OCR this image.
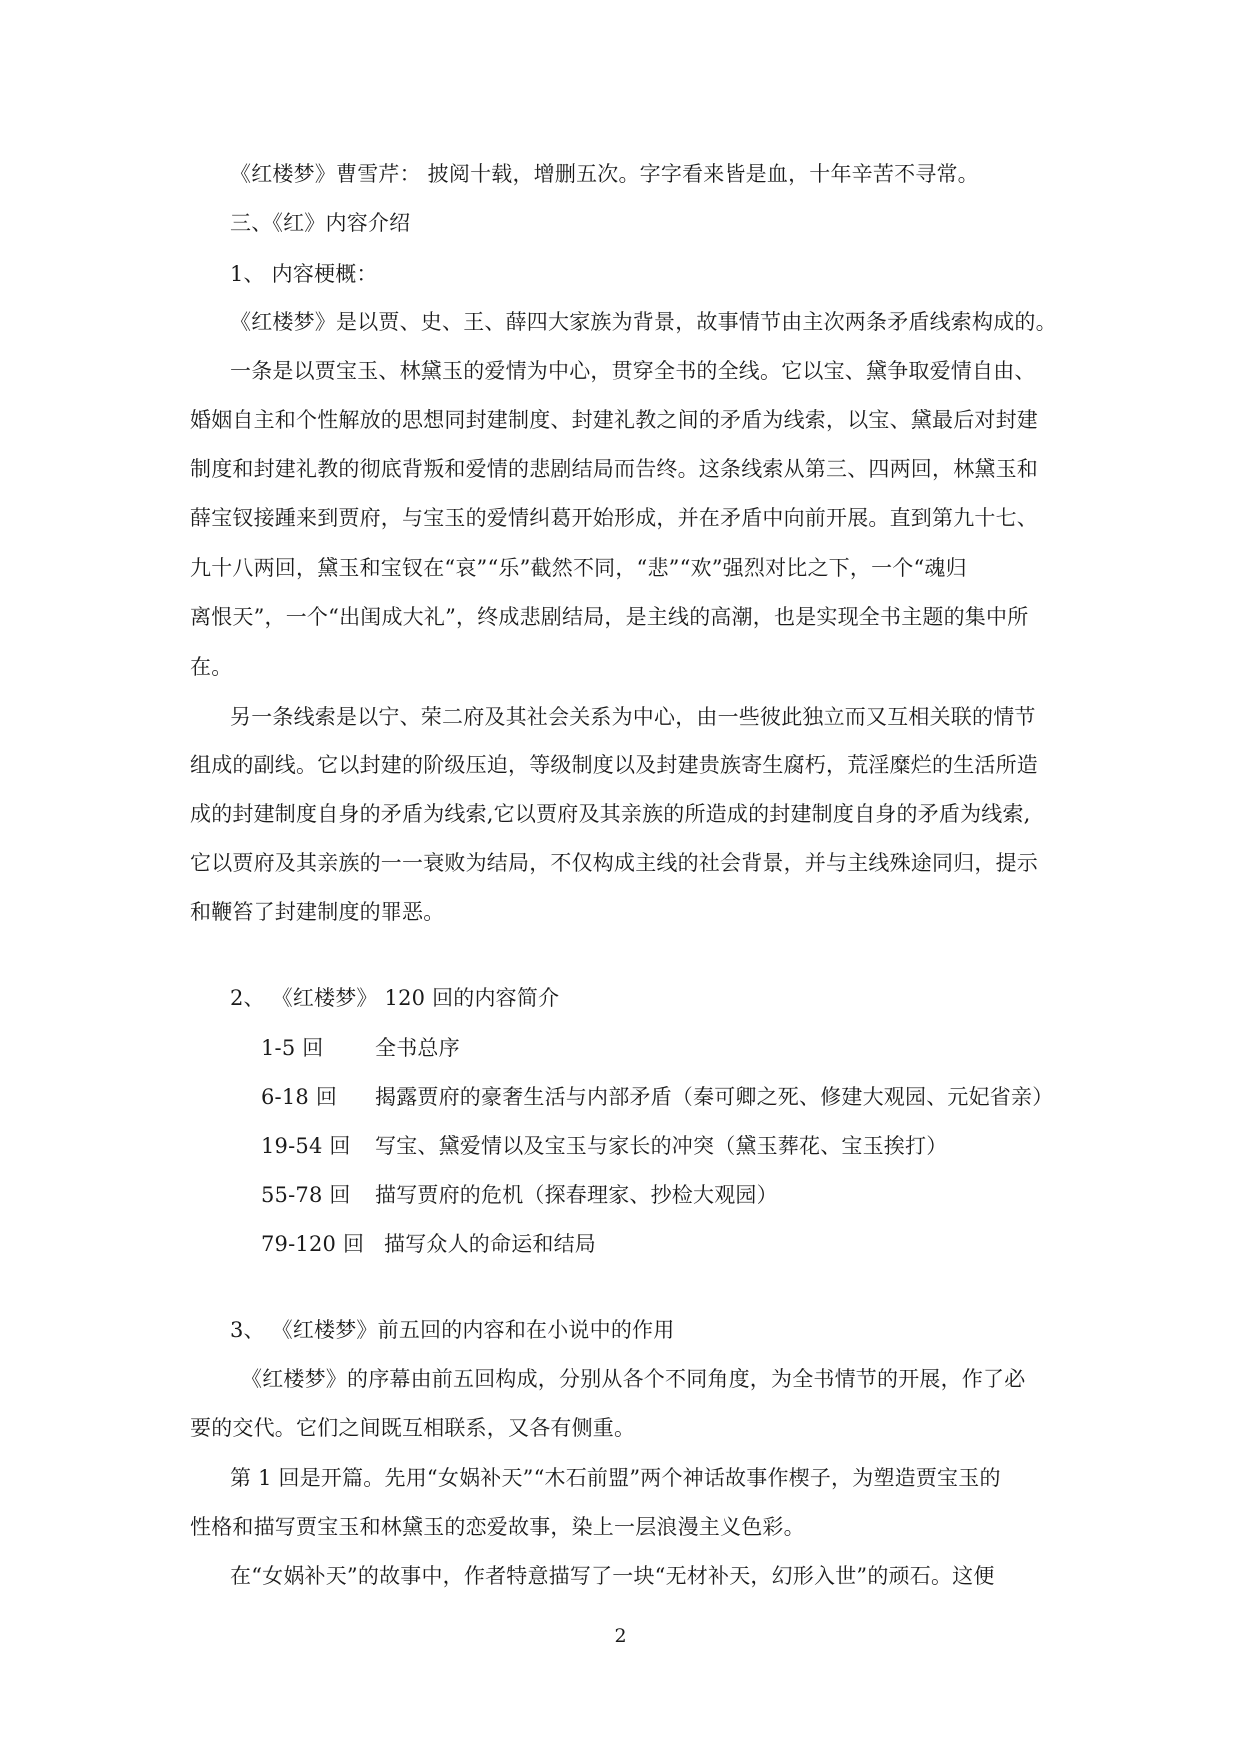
《红楼梦》曹雪芹： 披阅十载，增删五次。字字看来皆是血，十年辛苦不寻常。
三、《红》内容介绍
1、 内容梗概：
《红楼梦》是以贾、史、王、薛四大家族为背景，故事情节由主次两条矛盾线索构成的。
一条是以贾宝玉、林黛玉的爱情为中心，贯穿全书的全线。它以宝、黛争取爱情自由、
婚姻自主和个性解放的思想同封建制度、封建礼教之间的矛盾为线索，以宝、黛最后对封建
制度和封建礼教的彻底背叛和爱情的悲剧结局而告终。这条线索从第三、四两回，林黛玉和
薛宝钗接踵来到贾府，与宝玉的爱情纠葛开始形成，并在矛盾中向前开展。直到第九十七、
九十八两回，黛玉和宝钗在“哀”“乐”截然不同，“悲”“欢”强烈对比之下，一个“魂归
离恨天”，一个“出闺成大礼”，终成悲剧结局，是主线的高潮，也是实现全书主题的集中所
在。
另一条线索是以宁、荣二府及其社会关系为中心，由一些彼此独立而又互相关联的情节
组成的副线。它以封建的阶级压迫，等级制度以及封建贵族寄生腐朽，荒淫糜烂的生活所造
成的封建制度自身的矛盾为线索,它以贾府及其亲族的所造成的封建制度自身的矛盾为线索,
它以贾府及其亲族的一一衰败为结局，不仅构成主线的社会背景，并与主线殊途同归，提示
和鞭笞了封建制度的罪恶。
2、 《红楼梦》 120 回的内容简介
1-5 回 全书总序
6-18 回 揭露贾府的豪奢生活与内部矛盾（秦可卿之死、修建大观园、元妃省亲）
19-54 回 写宝、黛爱情以及宝玉与家长的冲突（黛玉葬花、宝玉挨打）
55-78 回 描写贾府的危机（探春理家、抄检大观园）
79-120 回 描写众人的命运和结局
3、 《红楼梦》前五回的内容和在小说中的作用
《红楼梦》的序幕由前五回构成，分别从各个不同角度，为全书情节的开展，作了必
要的交代。它们之间既互相联系，又各有侧重。
第 1 回是开篇。先用“女娲补天”“木石前盟”两个神话故事作楔子，为塑造贾宝玉的
性格和描写贾宝玉和林黛玉的恋爱故事，染上一层浪漫主义色彩。
在“女娲补天”的故事中，作者特意描写了一块“无材补天，幻形入世”的顽石。这便
2
